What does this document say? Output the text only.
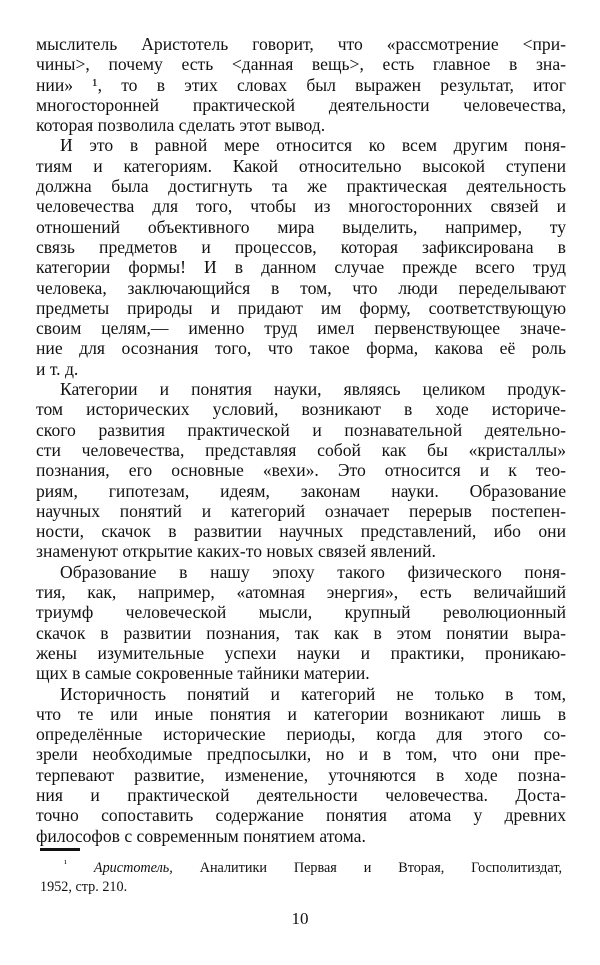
мыслитель Аристотель говорит, что «рассмотрение <при-
чины>, почему есть <данная вещь>, есть главное в зна-
нии» ¹, то в этих словах был выражен результат, итог
многосторонней практической деятельности человечества,
которая позволила сделать этот вывод.
И это в равной мере относится ко всем другим поня-
тиям и категориям. Какой относительно высокой ступени
должна была достигнуть та же практическая деятельность
человечества для того, чтобы из многосторонних связей и
отношений объективного мира выделить, например, ту
связь предметов и процессов, которая зафиксирована в
категории формы! И в данном случае прежде всего труд
человека, заключающийся в том, что люди переделывают
предметы природы и придают им форму, соответствующую
своим целям,— именно труд имел первенствующее значе-
ние для осознания того, что такое форма, какова её роль
и т. д.
Категории и понятия науки, являясь целиком продук-
том исторических условий, возникают в ходе историче-
ского развития практической и познавательной деятельно-
сти человечества, представляя собой как бы «кристаллы»
познания, его основные «вехи». Это относится и к тео-
риям, гипотезам, идеям, законам науки. Образование
научных понятий и категорий означает перерыв постепен-
ности, скачок в развитии научных представлений, ибо они
знаменуют открытие каких-то новых связей явлений.
Образование в нашу эпоху такого физического поня-
тия, как, например, «атомная энергия», есть величайший
триумф человеческой мысли, крупный революционный
скачок в развитии познания, так как в этом понятии выра-
жены изумительные успехи науки и практики, проникаю-
щих в самые сокровенные тайники материи.
Историчность понятий и категорий не только в том,
что те или иные понятия и категории возникают лишь в
определённые исторические периоды, когда для этого со-
зрели необходимые предпосылки, но и в том, что они пре-
терпевают развитие, изменение, уточняются в ходе позна-
ния и практической деятельности человечества. Доста-
точно сопоставить содержание понятия атома у древних
философов с современным понятием атома.
$^{^1}$ Аристотель, Аналитики Первая и Вторая, Госполитиздат,
1952, стр. 210.
10
